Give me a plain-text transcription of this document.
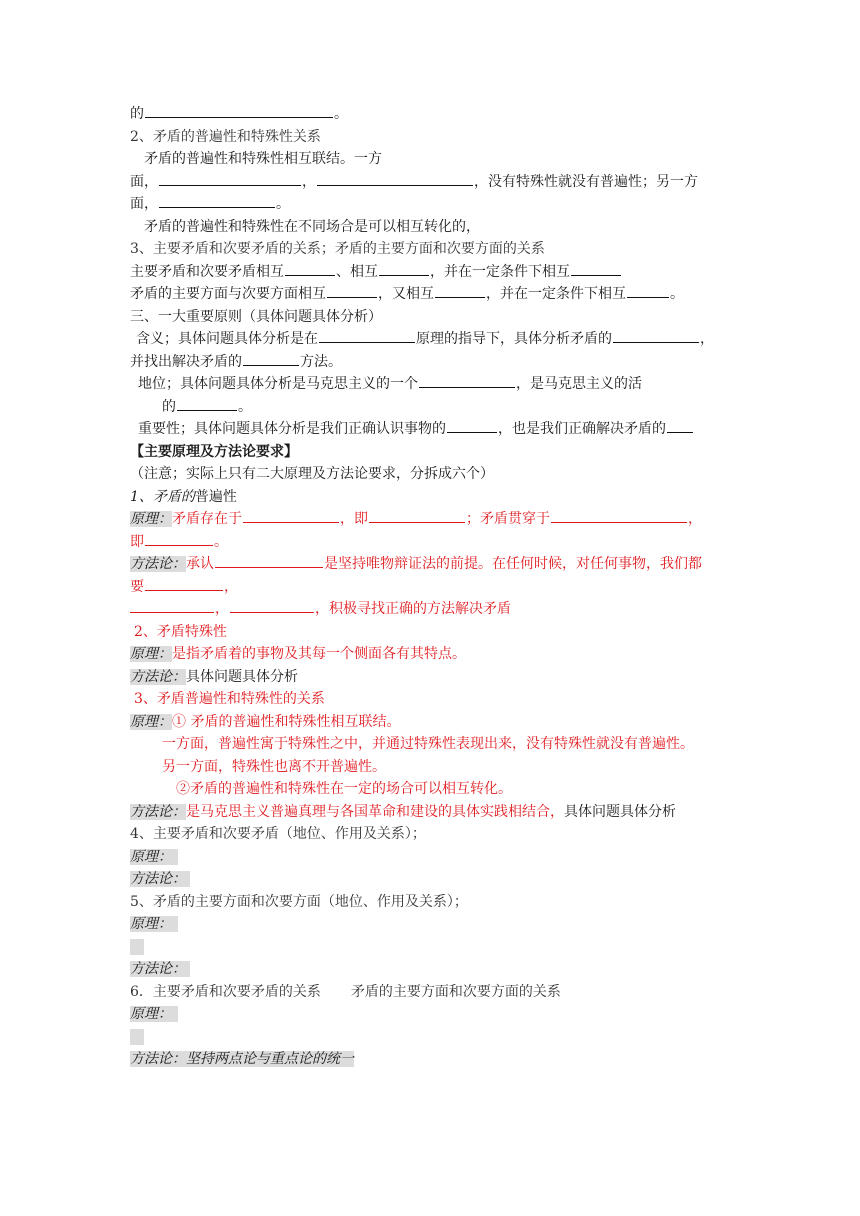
的	。
2、矛盾的普遍性和特殊性关系
矛盾的普遍性和特殊性相互联结。一方
面，	，	，没有特殊性就没有普遍性；另一方
面，	。
矛盾的普遍性和特殊性在不同场合是可以相互转化的，
3、主要矛盾和次要矛盾的关系；矛盾的主要方面和次要方面的关系
主要矛盾和次要矛盾相互	、相互	，并在一定条件下相互
矛盾的主要方面与次要方面相互	，又相互	，并在一定条件下相互	。
三、一大重要原则（具体问题具体分析）
含义；具体问题具体分析是在	原理的指导下，具体分析矛盾的	，
并找出解决矛盾的	方法。
地位；具体问题具体分析是马克思主义的一个	，是马克思主义的活
的	。
重要性；具体问题具体分析是我们正确认识事物的	，也是我们正确解决矛盾的
【主要原理及方法论要求】
（注意；实际上只有二大原理及方法论要求，分拆成六个）
1、矛盾的普遍性
原理：矛盾存在于	，即	；矛盾贯穿于	，
即	。
方法论：承认	是坚持唯物辩证法的前提。在任何时候，对任何事物，我们都
要	，
，	，积极寻找正确的方法解决矛盾
2、矛盾特殊性
原理：是指矛盾着的事物及其每一个侧面各有其特点。
方法论：具体问题具体分析
3、矛盾普遍性和特殊性的关系
原理：① 矛盾的普遍性和特殊性相互联结。
一方面，普遍性寓于特殊性之中，并通过特殊性表现出来，没有特殊性就没有普遍性。
另一方面，特殊性也离不开普遍性。
②矛盾的普遍性和特殊性在一定的场合可以相互转化。
方法论：是马克思主义普遍真理与各国革命和建设的具体实践相结合，具体问题具体分析
4、主要矛盾和次要矛盾（地位、作用及关系）；
原理：
方法论：
5、矛盾的主要方面和次要方面（地位、作用及关系）；
原理：
方法论：
6．主要矛盾和次要矛盾的关系 矛盾的主要方面和次要方面的关系
原理：
方法论：坚持两点论与重点论的统一
